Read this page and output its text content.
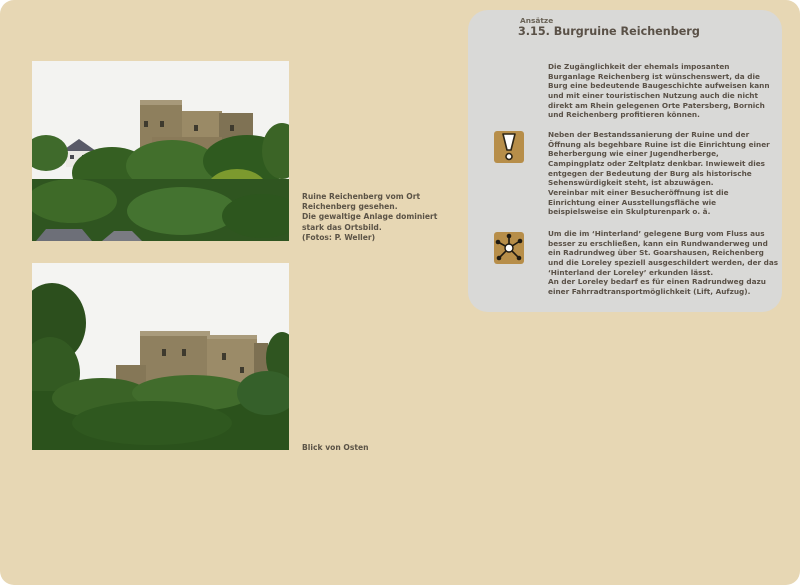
Ruine Reichenberg vom Ort
Reichenberg gesehen.
Die gewaltige Anlage dominiert
stark das Ortsbild.
(Fotos: P. Weller)
Blick von Osten
Ansätze
3.15. Burgruine Reichenberg
Die Zugänglichkeit der ehemals imposanten
Burganlage Reichenberg ist wünschenswert, da die
Burg eine bedeutende Baugeschichte aufweisen kann
und mit einer touristischen Nutzung auch die nicht
direkt am Rhein gelegenen Orte Patersberg, Bornich
und Reichenberg profitieren können.
Neben der Bestandssanierung der Ruine und der
Öffnung als begehbare Ruine ist die Einrichtung einer
Beherbergung wie einer Jugendherberge,
Campingplatz oder Zeltplatz denkbar. Inwieweit dies
entgegen der Bedeutung der Burg als historische
Sehenswürdigkeit steht, ist abzuwägen.
Vereinbar mit einer Besucheröffnung ist die
Einrichtung einer Ausstellungsfläche wie
beispielsweise ein Skulpturenpark o. ä.
Um die im ‘Hinterland’ gelegene Burg vom Fluss aus
besser zu erschließen, kann ein Rundwanderweg und
ein Radrundweg über St. Goarshausen, Reichenberg
und die Loreley speziell ausgeschildert werden, der das
‘Hinterland der Loreley’ erkunden lässt.
An der Loreley bedarf es für einen Radrundweg dazu
einer Fahrradtransportmöglichkeit (Lift, Aufzug).
